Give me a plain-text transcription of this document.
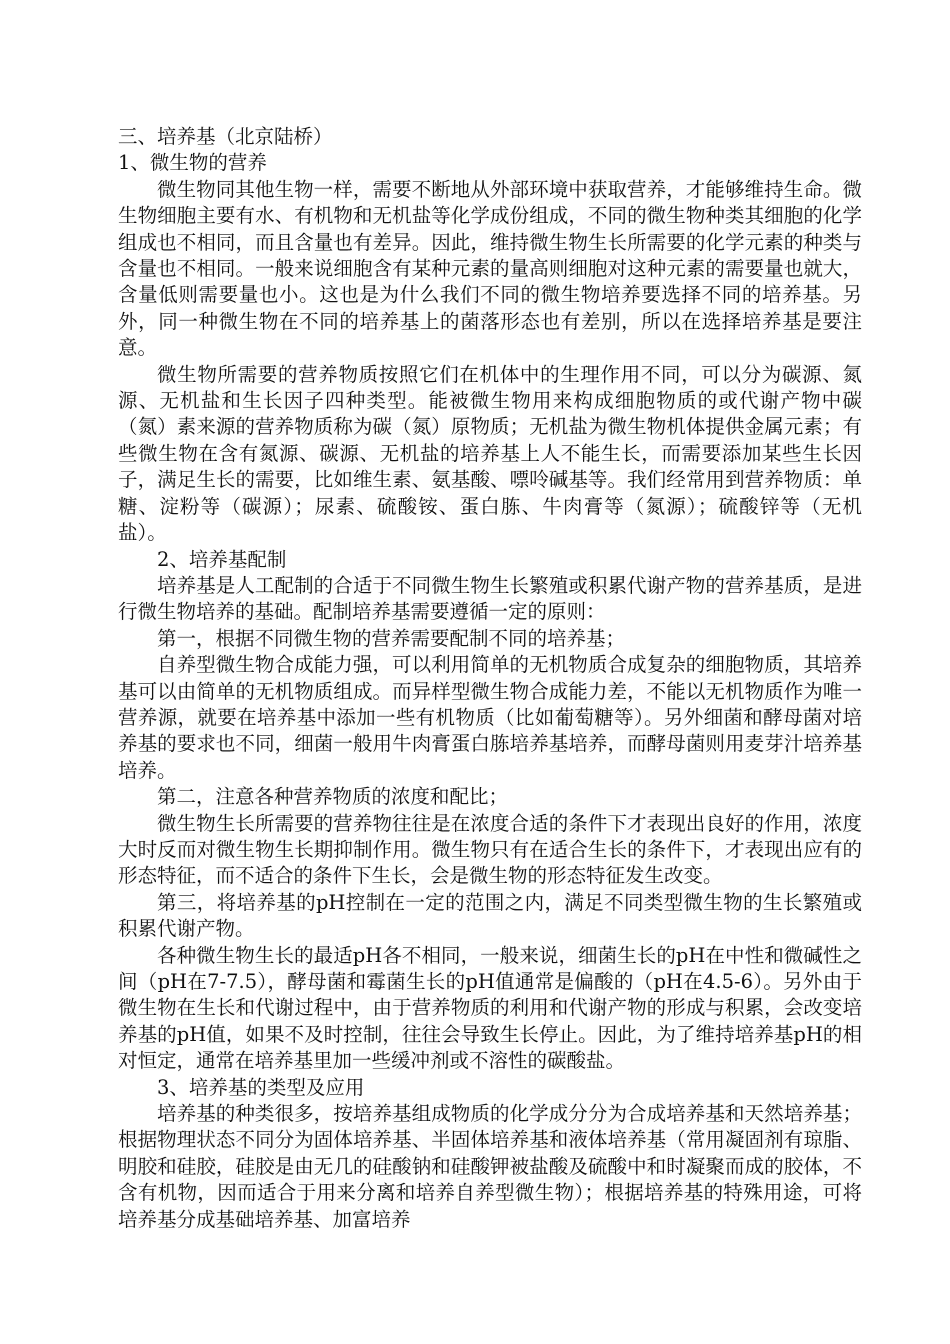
三、培养基（北京陆桥）

1、微生物的营养

微生物同其他生物一样，需要不断地从外部环境中获取营养，才能够维持生命。微生物细胞主要有水、有机物和无机盐等化学成份组成，不同的微生物种类其细胞的化学组成也不相同，而且含量也有差异。因此，维持微生物生长所需要的化学元素的种类与含量也不相同。一般来说细胞含有某种元素的量高则细胞对这种元素的需要量也就大，含量低则需要量也小。这也是为什么我们不同的微生物培养要选择不同的培养基。另外，同一种微生物在不同的培养基上的菌落形态也有差别，所以在选择培养基是要注意。

微生物所需要的营养物质按照它们在机体中的生理作用不同，可以分为碳源、氮源、无机盐和生长因子四种类型。能被微生物用来构成细胞物质的或代谢产物中碳（氮）素来源的营养物质称为碳（氮）原物质；无机盐为微生物机体提供金属元素；有些微生物在含有氮源、碳源、无机盐的培养基上人不能生长，而需要添加某些生长因子，满足生长的需要，比如维生素、氨基酸、嘌呤碱基等。我们经常用到营养物质：单糖、淀粉等（碳源）；尿素、硫酸铵、蛋白胨、牛肉膏等（氮源）；硫酸锌等（无机盐）。

2、培养基配制

培养基是人工配制的合适于不同微生物生长繁殖或积累代谢产物的营养基质，是进行微生物培养的基础。配制培养基需要遵循一定的原则：

第一，根据不同微生物的营养需要配制不同的培养基；

自养型微生物合成能力强，可以利用简单的无机物质合成复杂的细胞物质，其培养基可以由简单的无机物质组成。而异样型微生物合成能力差，不能以无机物质作为唯一营养源，就要在培养基中添加一些有机物质（比如葡萄糖等）。另外细菌和酵母菌对培养基的要求也不同，细菌一般用牛肉膏蛋白胨培养基培养，而酵母菌则用麦芽汁培养基培养。

第二，注意各种营养物质的浓度和配比；

微生物生长所需要的营养物往往是在浓度合适的条件下才表现出良好的作用，浓度大时反而对微生物生长期抑制作用。微生物只有在适合生长的条件下，才表现出应有的形态特征，而不适合的条件下生长，会是微生物的形态特征发生改变。

第三，将培养基的pH控制在一定的范围之内，满足不同类型微生物的生长繁殖或积累代谢产物。

各种微生物生长的最适pH各不相同，一般来说，细菌生长的pH在中性和微碱性之间（pH在7-7.5），酵母菌和霉菌生长的pH值通常是偏酸的（pH在4.5-6）。另外由于微生物在生长和代谢过程中，由于营养物质的利用和代谢产物的形成与积累，会改变培养基的pH值，如果不及时控制，往往会导致生长停止。因此，为了维持培养基pH的相对恒定，通常在培养基里加一些缓冲剂或不溶性的碳酸盐。

3、培养基的类型及应用

培养基的种类很多，按培养基组成物质的化学成分分为合成培养基和天然培养基；根据物理状态不同分为固体培养基、半固体培养基和液体培养基（常用凝固剂有琼脂、明胶和硅胶，硅胶是由无几的硅酸钠和硅酸钾被盐酸及硫酸中和时凝聚而成的胶体，不含有机物，因而适合于用来分离和培养自养型微生物）；根据培养基的特殊用途，可将培养基分成基础培养基、加富培养
